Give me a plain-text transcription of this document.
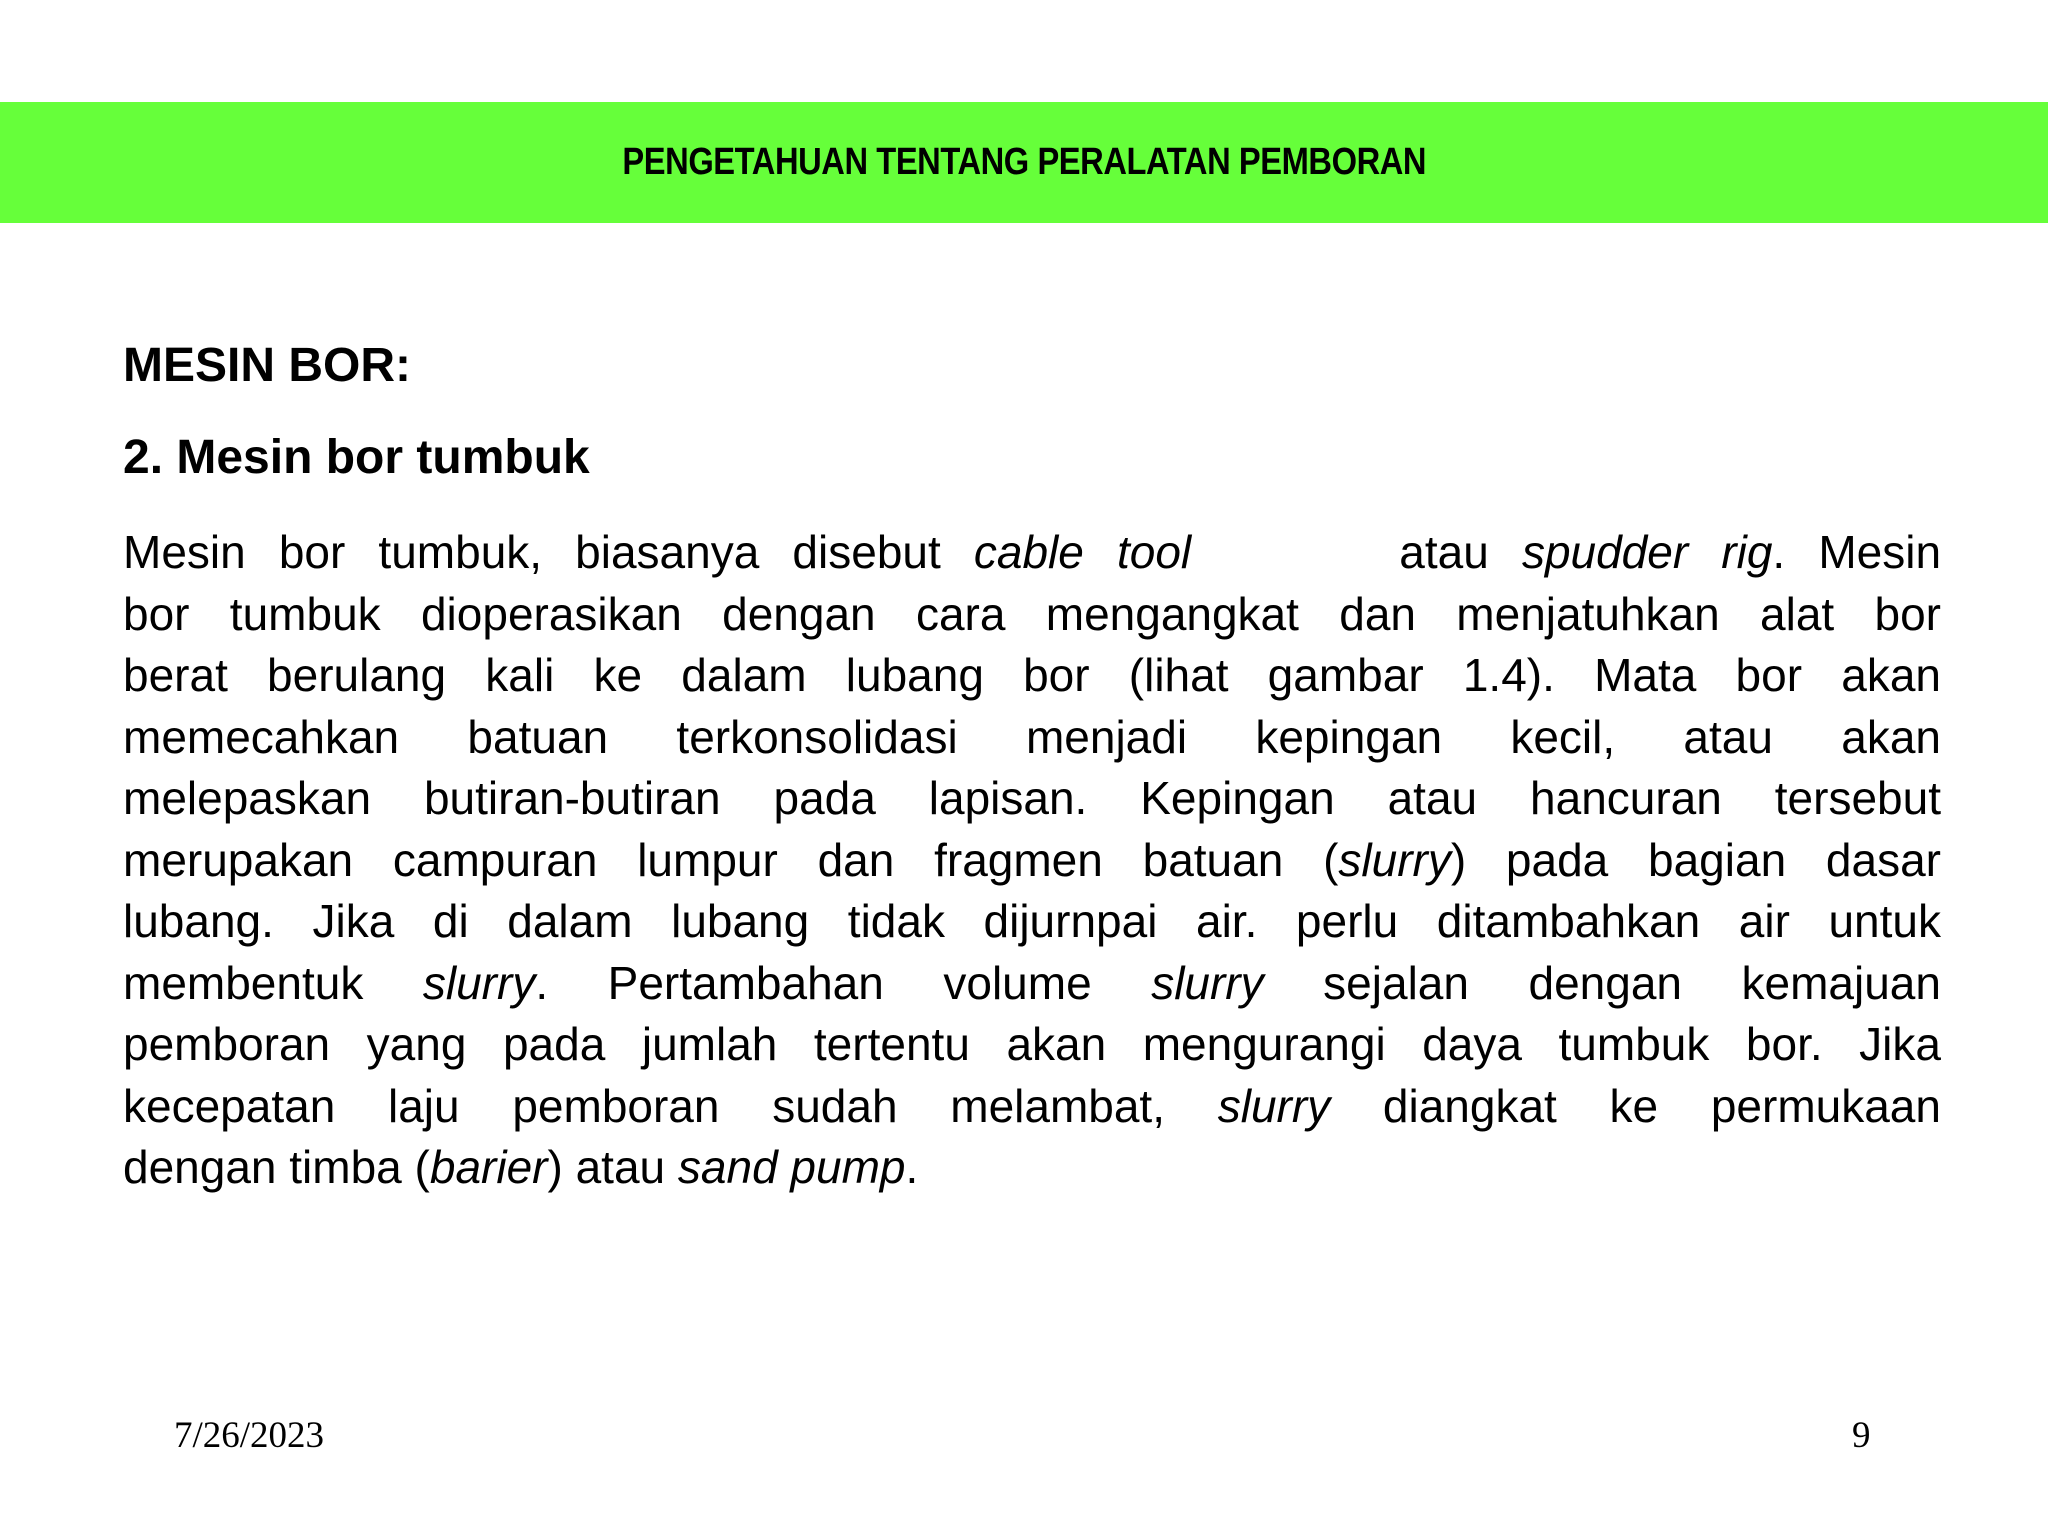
PENGETAHUAN TENTANG PERALATAN PEMBORAN
MESIN BOR:
2. Mesin bor tumbuk
Mesin bor tumbuk, biasanya disebut cable tool	atau spudder rig. Mesin
bor tumbuk dioperasikan dengan cara mengangkat dan menjatuhkan alat bor
berat berulang kali ke dalam lubang bor (lihat gambar 1.4). Mata bor akan
memecahkan batuan terkonsolidasi menjadi kepingan kecil, atau akan
melepaskan butiran-butiran pada lapisan. Kepingan atau hancuran tersebut
merupakan campuran lumpur dan fragmen batuan (slurry) pada bagian dasar
lubang. Jika di dalam lubang tidak dijurnpai air. perlu ditambahkan air untuk
membentuk slurry. Pertambahan volume slurry sejalan dengan kemajuan
pemboran yang pada jumlah tertentu akan mengurangi daya tumbuk bor. Jika
kecepatan laju pemboran sudah melambat, slurry diangkat ke permukaan
dengan timba (barier) atau sand pump.
7/26/2023	9
